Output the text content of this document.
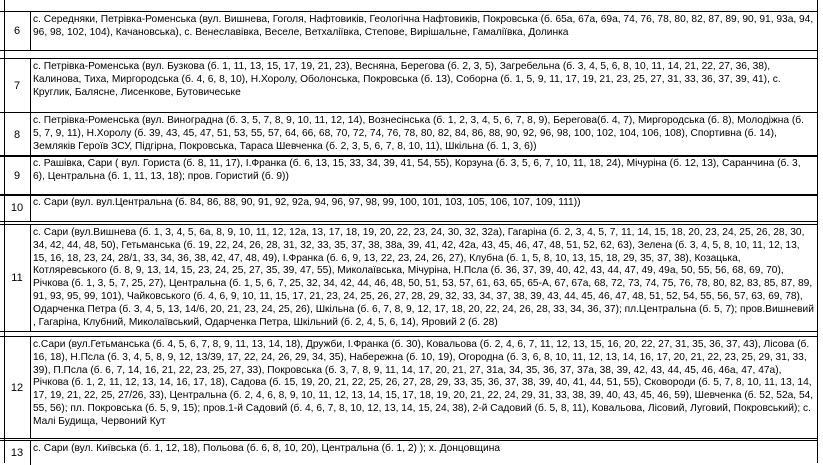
6
с. Середняки, Петрівка-Роменська (вул. Вишнева, Гоголя, Нафтовиків, Геологічна Нафтовиків, Покровська (б. 65а, 67а, 69а, 74, 76, 78, 80, 82, 87, 89, 90, 91, 93а, 94, 96, 98, 102, 104), Качановська), с. Венеславівка, Веселе, Ветхаліївка, Степове, Вирішальне, Гамаліївка, Долинка
7
с. Петрівка-Роменська (вул. Бузкова (б. 1, 11, 13, 15, 17, 19, 21, 23), Весняна, Берегова (б. 2, 3, 5), Загребельна (б. 3, 4, 5, 6, 8, 10, 11, 14, 21, 22, 27, 36, 38), Калинова, Тиха, Миргородська (б. 4, 6, 8, 10), Н.Хоролу, Оболонська, Покровська (б. 13), Соборна (б. 1, 5, 9, 11, 17, 19, 21, 23, 25, 27, 31, 33, 36, 37, 39, 41), с. Круглик, Балясне, Лисенкове, Бутовичеське
8
с. Петрівка-Роменська (вул. Виноградна (б. 3, 5, 7, 8, 9, 10, 11, 12, 14), Вознесінська (б. 1, 2, 3, 4, 5, 6, 7, 8, 9), Берегова(б. 4, 7), Миргородська (б. 8), Молодіжна (б. 5, 7, 9, 11), Н.Хоролу (б. 39, 43, 45, 47, 51, 53, 55, 57, 64, 66, 68, 70, 72, 74, 76, 78, 80, 82, 84, 86, 88, 90, 92, 96, 98, 100, 102, 104, 106, 108), Спортивна (б. 14), Земляків Героїв ЗСУ, Підгірна, Покровська, Тараса Шевченка (б. 2, 3, 5, 6, 7, 8, 10, 11), Шкільна (б. 1, 3, 6))
9
с. Рашівка, Сари ( вул. Гориста (б. 8, 11, 17), І.Франка (б. 6, 13, 15, 33, 34, 39, 41, 54, 55), Корзуна (б. 3, 5, 6, 7, 10, 11, 18, 24), Мічуріна (б. 12, 13), Саранчина (б. 3, 6), Центральна (б. 1, 11, 13, 18); пров. Гористий (б. 9))
10 с. Сари (вул. вул.Центральна (б. 84, 86, 88, 90, 91, 92, 92а, 94, 96, 97, 98, 99, 100, 101, 103, 105, 106, 107, 109, 111))
11
с. Сари (вул.Вишнева (б. 1, 3, 4, 5, 6а, 8, 9, 10, 11, 12, 12а, 13, 17, 18, 19, 20, 22, 23, 24, 30, 32, 32а), Гагаріна (б. 2, 3, 4, 5, 7, 11, 14, 15, 18, 20, 23, 24, 25, 26, 28, 30, 34, 42, 44, 48, 50), Гетьманська (б. 19, 22, 24, 26, 28, 31, 32, 33, 35, 37, 38, 38а, 39, 41, 42, 42а, 43, 45, 46, 47, 48, 51, 52, 62, 63), Зелена (б. 3, 4, 5, 8, 10, 11, 12, 13, 15, 16, 18, 23, 24, 28/1, 33, 34, 36, 38, 42, 47, 48, 49), І.Франка (б. 6, 9, 13, 22, 23, 24, 26, 27), Клубна (б. 1, 5, 8, 10, 13, 15, 18, 29, 35, 37, 38), Козацька, Котляревського (б. 8, 9, 13, 14, 15, 23, 24, 25, 27, 35, 39, 47, 55), Миколаївська, Мічуріна, Н.Псла (б. 36, 37, 39, 40, 42, 43, 44, 47, 49, 49а, 50, 55, 56, 68, 69, 70), Річкова (б. 1, 3, 5, 7, 25, 27), Центральна (б. 1, 5, 6, 7, 25, 32, 34, 42, 44, 46, 48, 50, 51, 53, 57, 61, 63, 65, 65-А, 67, 67а, 68, 72, 73, 74, 75, 76, 78, 80, 82, 83, 85, 87, 89, 91, 93, 95, 99, 101), Чайковського (б. 4, 6, 9, 10, 11, 15, 17, 21, 23, 24, 25, 26, 27, 28, 29, 32, 33, 34, 37, 38, 39, 43, 44, 45, 46, 47, 48, 51, 52, 54, 55, 56, 57, 63, 69, 78), Одарченка Петра (б. 3, 4, 5, 13, 14/6, 20, 21, 23, 24, 25, 26), Шкільна (б. 6, 7, 8, 9, 12, 17, 18, 20, 22, 24, 26, 28, 33, 34, 36, 37); пл.Центральна (б. 5, 7); пров.Вишневий , Гагаріна, Клубний, Миколаївський, Одарченка Петра, Шкільний (б. 2, 4, 5, 6, 14), Яровий 2 (б. 28)
12
с.Сари (вул.Гетьманська (б. 4, 5, 6, 7, 8, 9, 11, 13, 14, 18), Дружби, І.Франка (б. 30), Ковальова (б. 2, 4, 6, 7, 11, 12, 13, 15, 16, 20, 22, 27, 31, 35, 36, 37, 43), Лісова (б. 16, 18), Н.Псла (б. 3, 4, 5, 8, 9, 12, 13/39, 17, 22, 24, 26, 29, 34, 35), Набережна (б. 10, 19), Огородна (б. 3, 6, 8, 10, 11, 12, 13, 14, 16, 17, 20, 21, 22, 23, 25, 29, 31, 33, 39), П.Псла (б. 6, 7, 14, 16, 21, 22, 23, 25, 27, 33), Покровська (б. 3, 7, 8, 9, 11, 14, 17, 20, 21, 27, 31а, 34, 35, 36, 37, 37а, 38, 39, 42, 43, 44, 45, 46, 46а, 47, 47а), Річкова (б. 1, 2, 11, 12, 13, 14, 16, 17, 18), Садова (б. 15, 19, 20, 21, 22, 25, 26, 27, 28, 29, 33, 35, 36, 37, 38, 39, 40, 41, 44, 51, 55), Сковороди (б. 5, 7, 8, 10, 11, 13, 14, 17, 19, 21, 22, 25, 27/26, 33), Центральна (б. 2, 4, 6, 8, 9, 10, 11, 12, 13, 14, 15, 17, 18, 19, 20, 21, 22, 24, 29, 31, 33, 38, 39, 40, 43, 45, 46, 59), Шевченка (б. 52, 52а, 54, 55, 56); пл. Покровська (б. 5, 9, 15); пров.1-й Садовий (б. 4, 6, 7, 8, 10, 12, 13, 14, 15, 24, 38), 2-й Садовий (б. 5, 8, 11), Ковальова, Лісовий, Луговий, Покровський); с. Малі Будища, Червоний Кут
13 с. Сари (вул. Київська (б. 1, 12, 18), Польова (б. 6, 8, 10, 20), Центральна (б. 1, 2) ); х. Донцовщина
